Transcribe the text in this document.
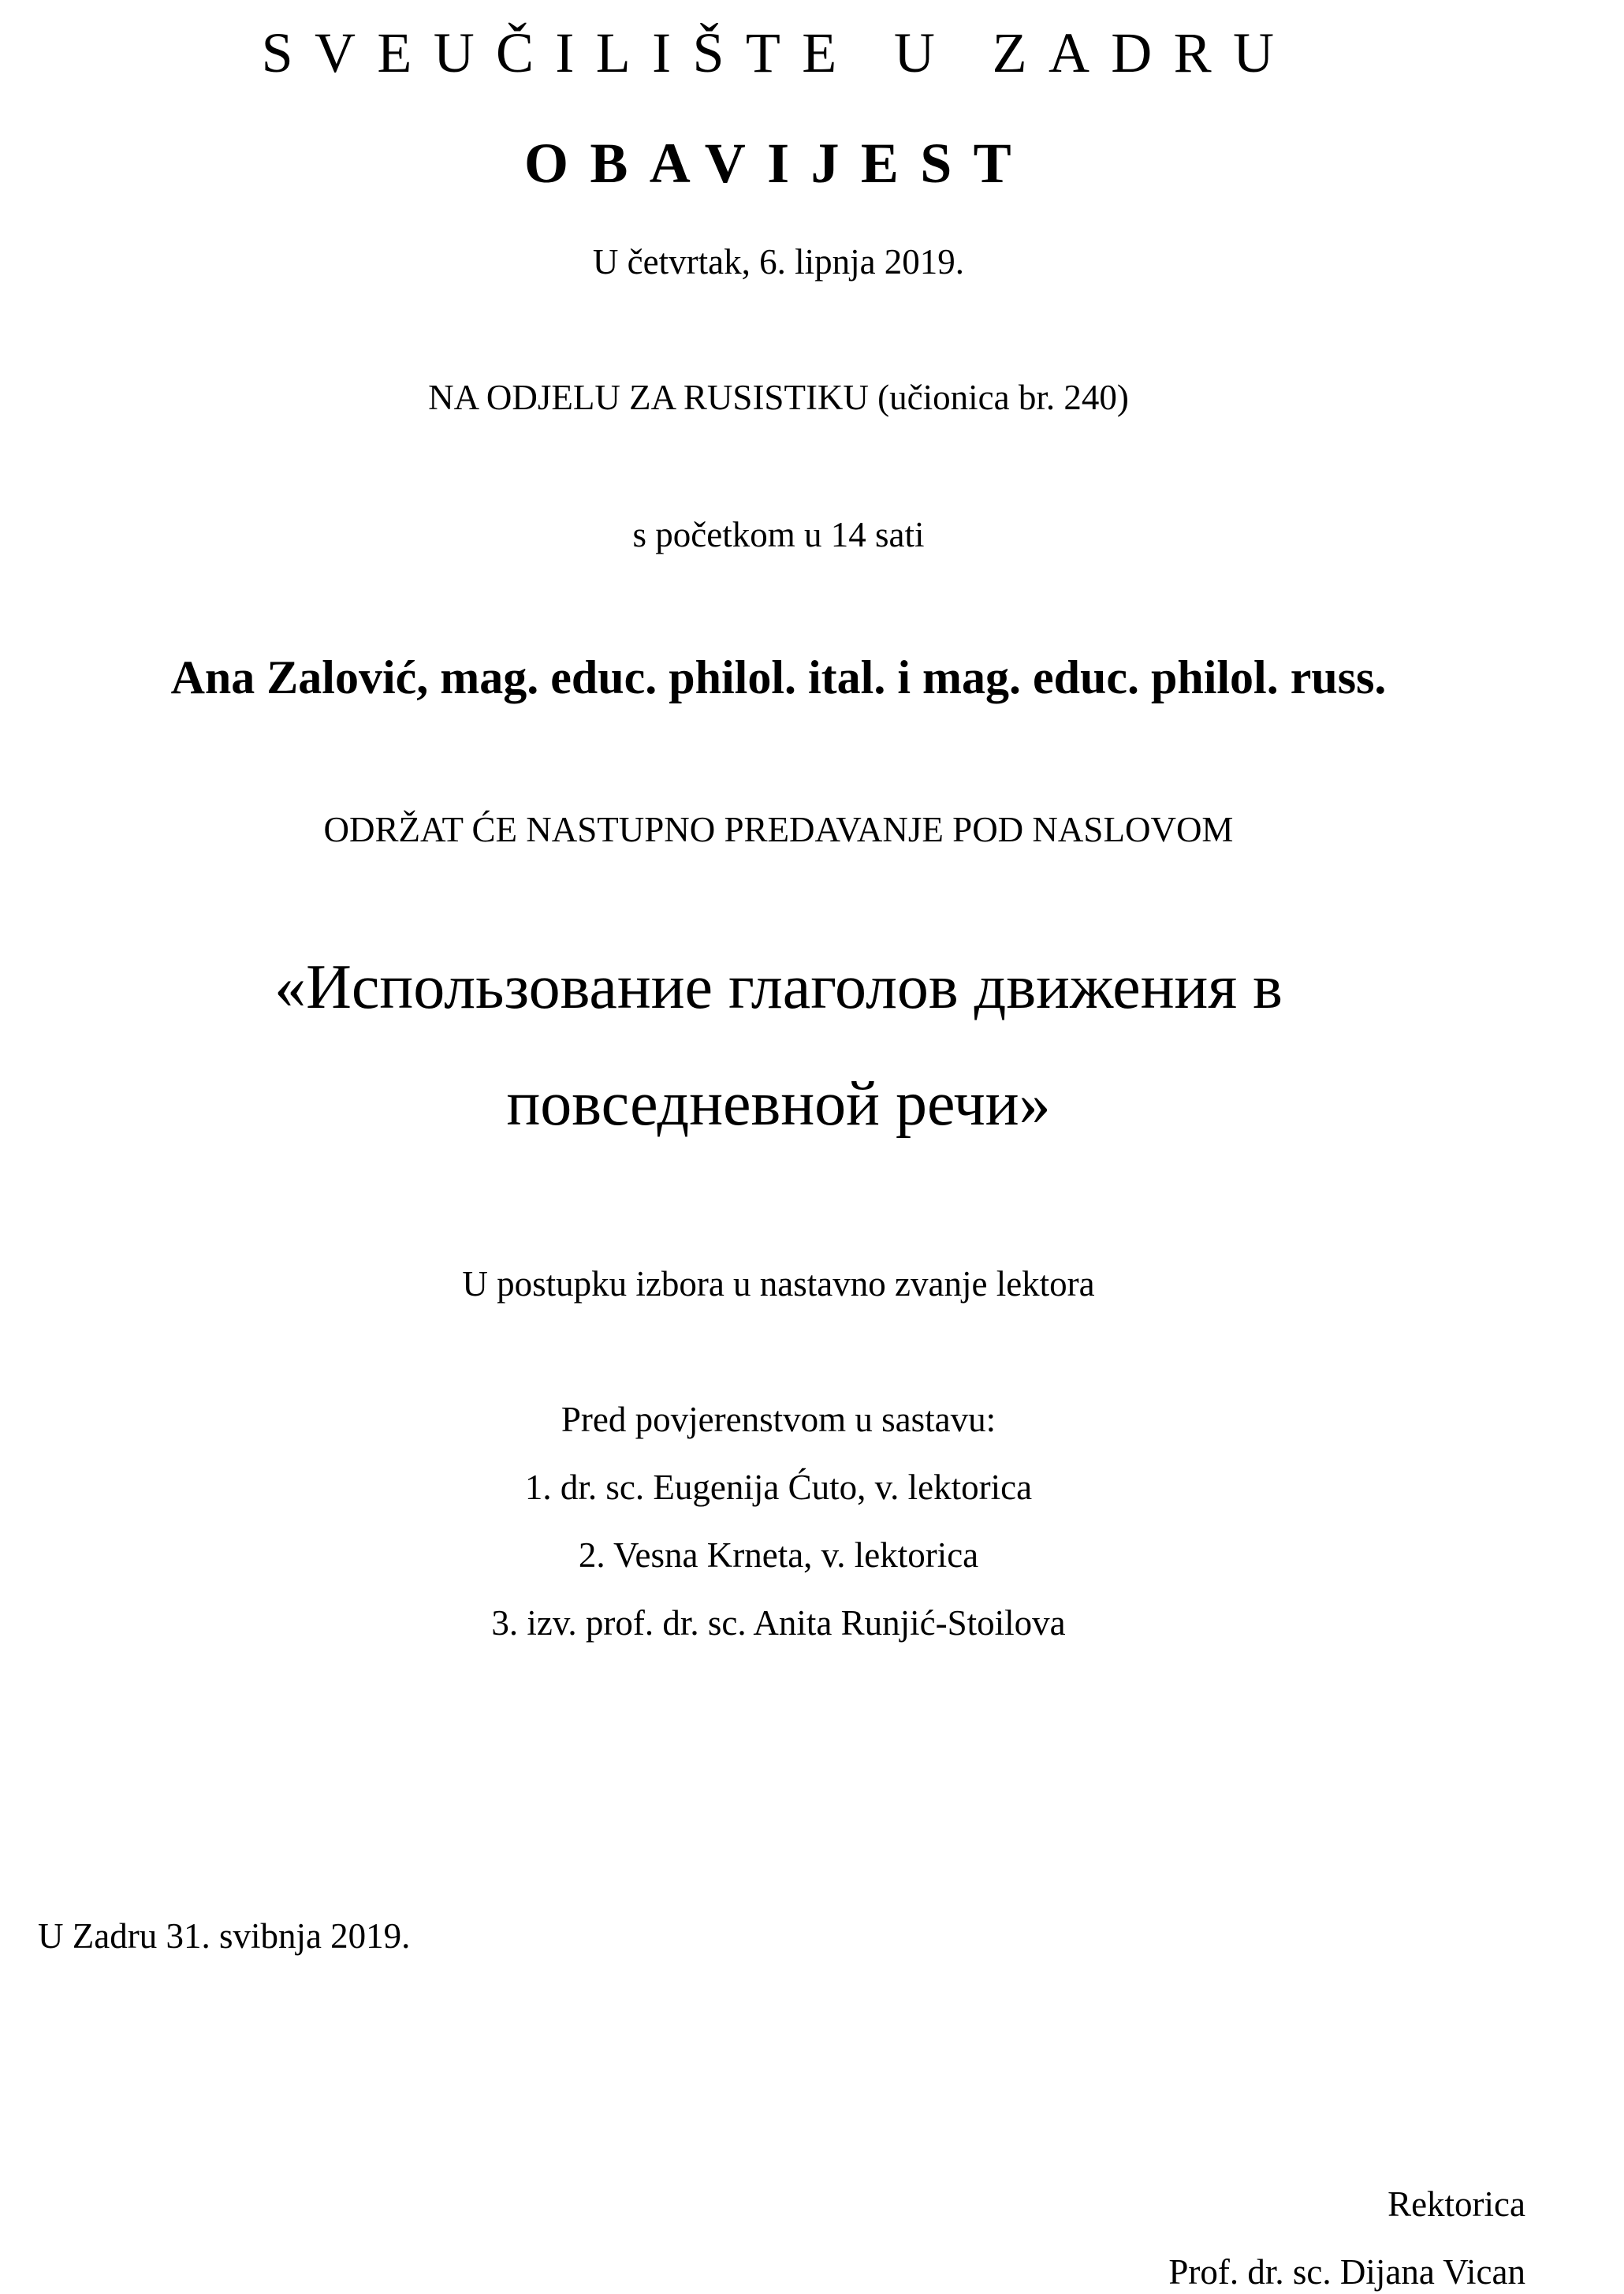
SVEUČILIŠTE U ZADRU

OBAVIJEST

U četvrtak, 6. lipnja 2019.

NA ODJELU ZA RUSISTIKU (učionica br. 240)

s početkom u 14 sati

Ana Zalović, mag. educ. philol. ital. i mag. educ. philol. russ.

ODRŽAT ĆE NASTUPNO PREDAVANJE POD NASLOVOM

«Использование глаголов движения в

повседневной речи»

U postupku izbora u nastavno zvanje lektora

Pred povjerenstvom u sastavu:

1. dr. sc. Eugenija Ćuto, v. lektorica

2. Vesna Krneta, v. lektorica

3. izv. prof. dr. sc. Anita Runjić-Stoilova

U Zadru 31. svibnja 2019.

Rektorica

Prof. dr. sc. Dijana Vican
